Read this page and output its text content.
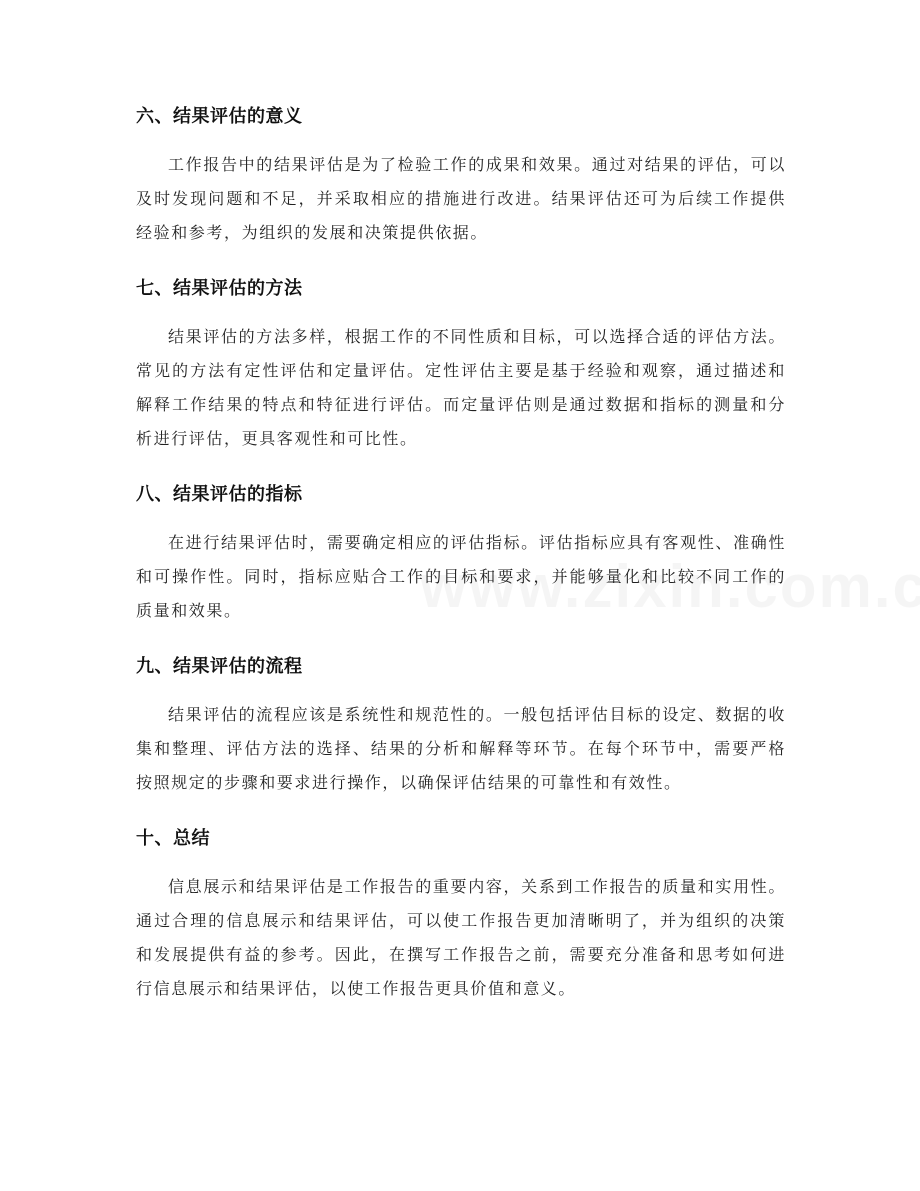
六、结果评估的意义

工作报告中的结果评估是为了检验工作的成果和效果。通过对结果的评估，可以及时发现问题和不足，并采取相应的措施进行改进。结果评估还可为后续工作提供经验和参考，为组织的发展和决策提供依据。

七、结果评估的方法

结果评估的方法多样，根据工作的不同性质和目标，可以选择合适的评估方法。常见的方法有定性评估和定量评估。定性评估主要是基于经验和观察，通过描述和解释工作结果的特点和特征进行评估。而定量评估则是通过数据和指标的测量和分析进行评估，更具客观性和可比性。

八、结果评估的指标

在进行结果评估时，需要确定相应的评估指标。评估指标应具有客观性、准确性和可操作性。同时，指标应贴合工作的目标和要求，并能够量化和比较不同工作的质量和效果。

九、结果评估的流程

结果评估的流程应该是系统性和规范性的。一般包括评估目标的设定、数据的收集和整理、评估方法的选择、结果的分析和解释等环节。在每个环节中，需要严格按照规定的步骤和要求进行操作，以确保评估结果的可靠性和有效性。

十、总结

信息展示和结果评估是工作报告的重要内容，关系到工作报告的质量和实用性。通过合理的信息展示和结果评估，可以使工作报告更加清晰明了，并为组织的决策和发展提供有益的参考。因此，在撰写工作报告之前，需要充分准备和思考如何进行信息展示和结果评估，以使工作报告更具价值和意义。
